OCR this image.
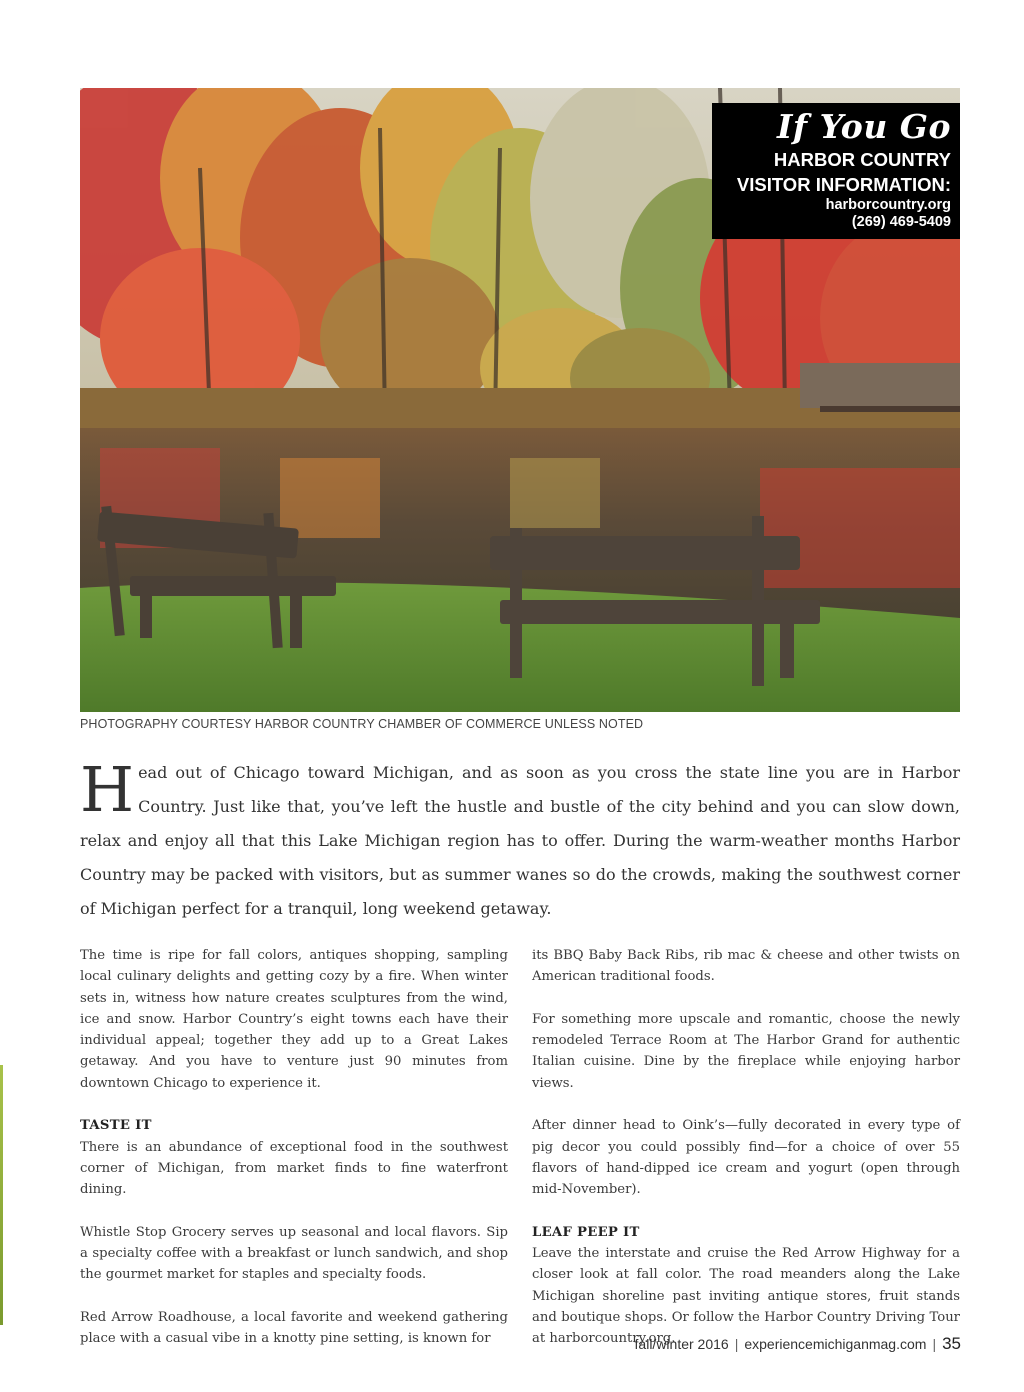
If You Go
HARBOR COUNTRY
VISITOR INFORMATION:
harborcountry.org
(269) 469-5409
PHOTOGRAPHY COURTESY HARBOR COUNTRY CHAMBER OF COMMERCE UNLESS NOTED
Head out of Chicago toward Michigan, and as soon as you cross the state line you are in Harbor Country. Just like that, you’ve left the hustle and bustle of the city behind and you can slow down, relax and enjoy all that this Lake Michigan region has to offer. During the warm-weather months Harbor Country may be packed with visitors, but as summer wanes so do the crowds, making the southwest corner of Michigan perfect for a tranquil, long weekend getaway.

The time is ripe for fall colors, antiques shopping, sampling local culinary delights and getting cozy by a fire. When winter sets in, witness how nature creates sculptures from the wind, ice and snow. Harbor Country’s eight towns each have their individual appeal; together they add up to a Great Lakes getaway. And you have to venture just 90 minutes from downtown Chicago to experience it.

TASTE IT

There is an abundance of exceptional food in the southwest corner of Michigan, from market finds to fine waterfront dining.

Whistle Stop Grocery serves up seasonal and local flavors. Sip a specialty coffee with a breakfast or lunch sandwich, and shop the gourmet market for staples and specialty foods.

Red Arrow Roadhouse, a local favorite and weekend gathering place with a casual vibe in a knotty pine setting, is known for

its BBQ Baby Back Ribs, rib mac & cheese and other twists on American traditional foods.

For something more upscale and romantic, choose the newly remodeled Terrace Room at The Harbor Grand for authentic Italian cuisine. Dine by the fireplace while enjoying harbor views.

After dinner head to Oink’s—fully decorated in every type of pig decor you could possibly find—for a choice of over 55 flavors of hand-dipped ice cream and yogurt (open through mid-November).

LEAF PEEP IT

Leave the interstate and cruise the Red Arrow Highway for a closer look at fall color. The road meanders along the Lake Michigan shoreline past inviting antique stores, fruit stands and boutique shops. Or follow the Harbor Country Driving Tour at harborcountry.org.

fall/winter 2016 | experiencemichiganmag.com | 35
